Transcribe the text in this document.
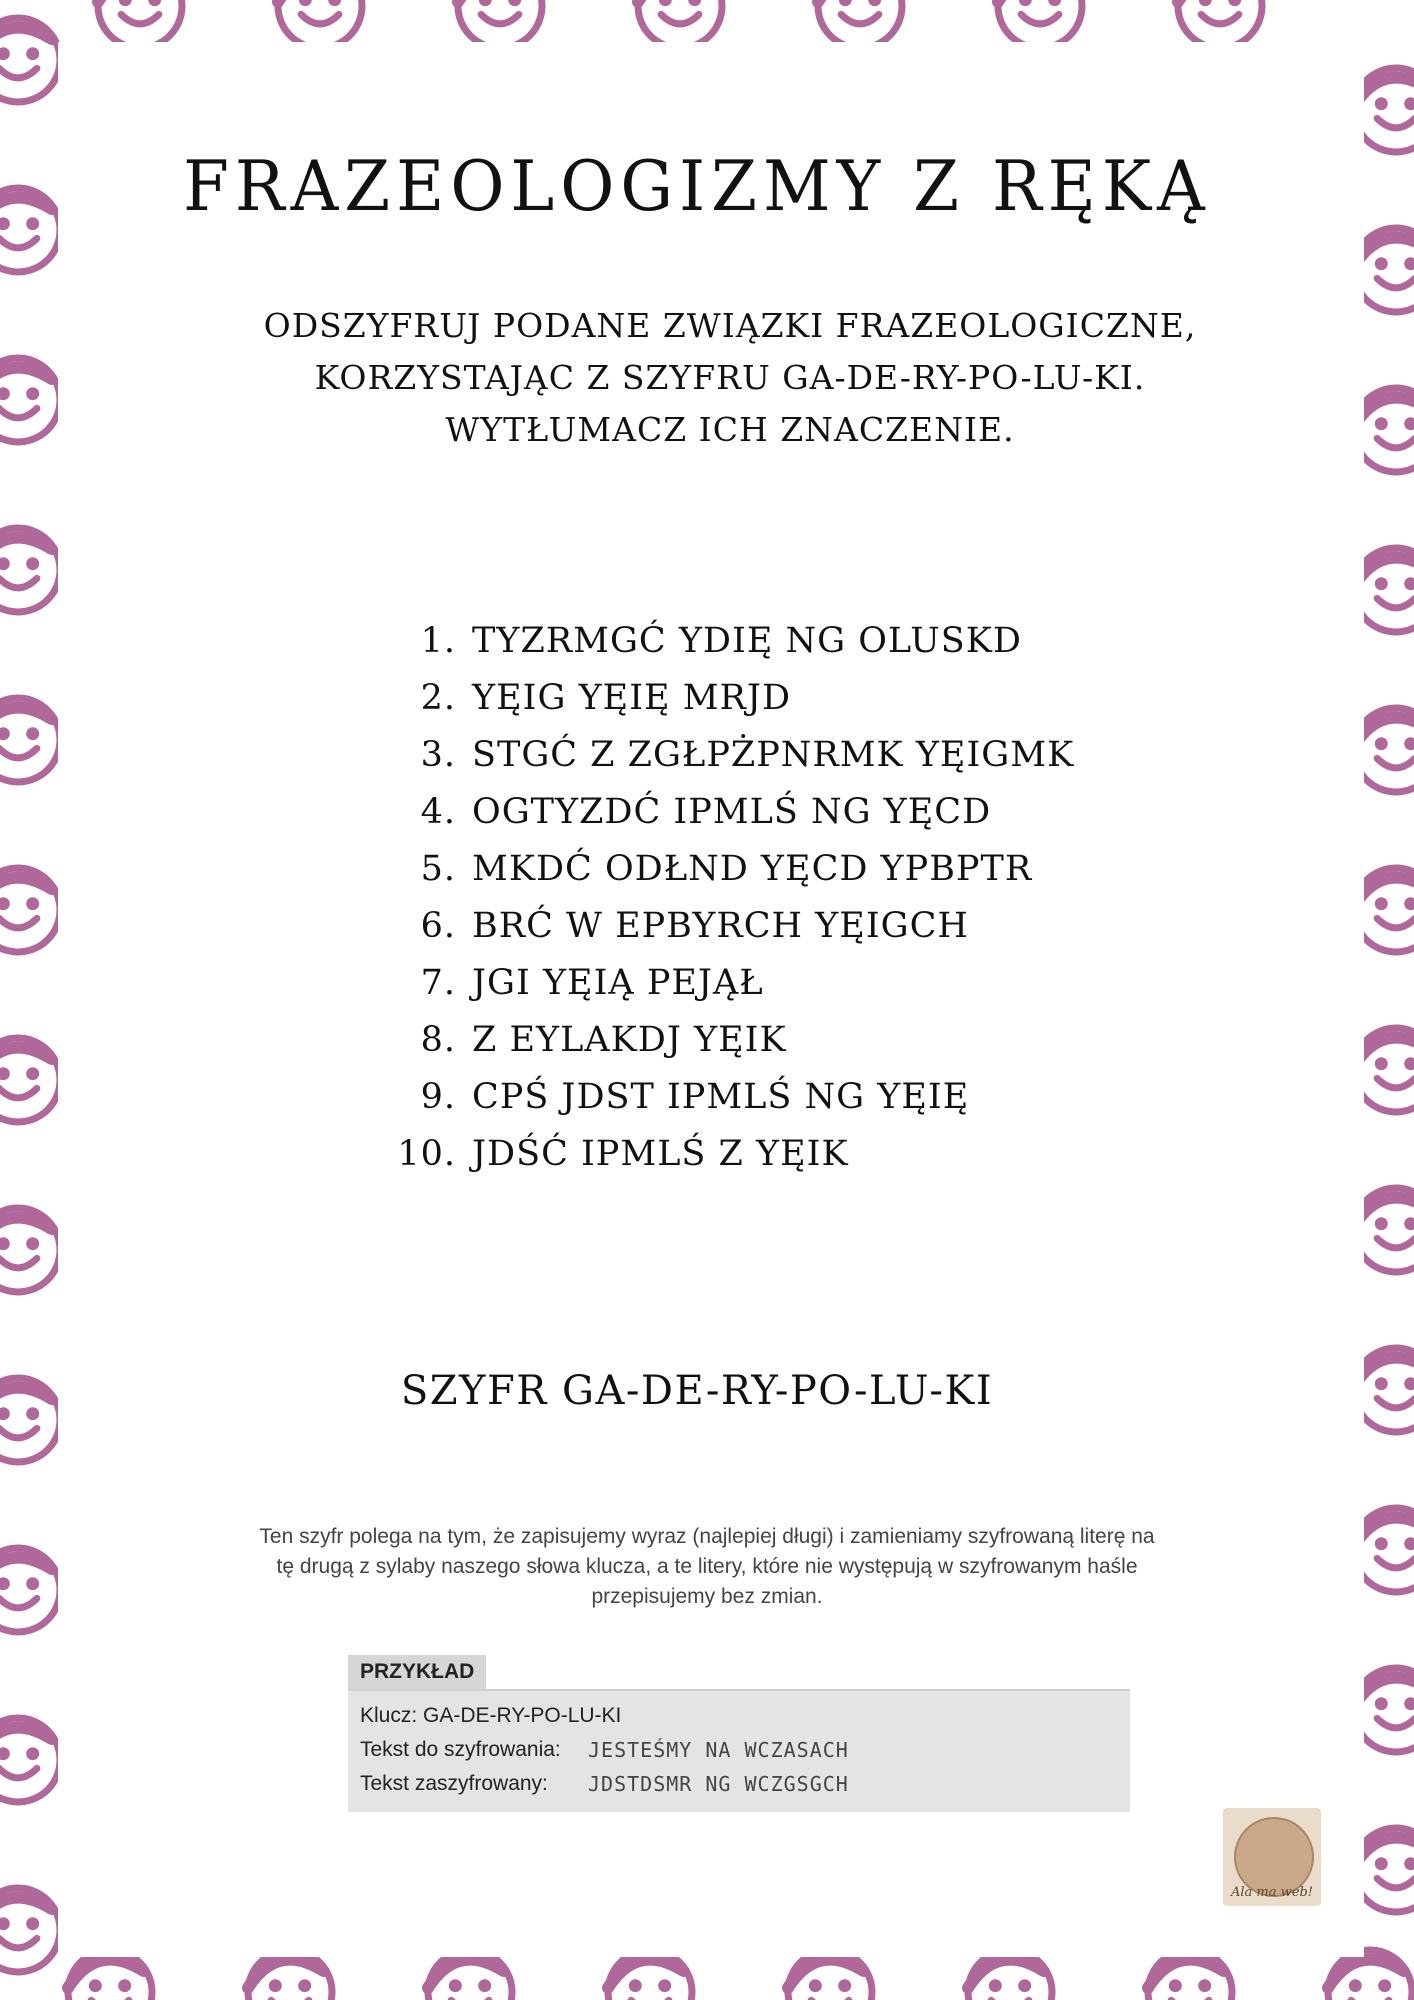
FRAZEOLOGIZMY Z RĘKĄ
ODSZYFRUJ PODANE ZWIĄZKI FRAZEOLOGICZNE,
KORZYSTAJĄC Z SZYFRU GA-DE-RY-PO-LU-KI.
WYTŁUMACZ ICH ZNACZENIE.
1. TYZRMGĆ YDIĘ NG OLUSKD
2. YĘIG YĘIĘ MRJD
3. STGĆ Z ZGŁPŻPNRMK YĘIGMK
4. OGTYZDĆ IPMLŚ NG YĘCD
5. MKDĆ ODŁND YĘCD YPBPTR
6. BRĆ W EPBYRCH YĘIGCH
7. JGI YĘIĄ PEJĄŁ
8. Z EYLAKDJ YĘIK
9. CPŚ JDST IPMLŚ NG YĘIĘ
10. JDŚĆ IPMLŚ Z YĘIK
SZYFR GA-DE-RY-PO-LU-KI
Ten szyfr polega na tym, że zapisujemy wyraz (najlepiej długi) i zamieniamy szyfrowaną literę na
tę drugą z sylaby naszego słowa klucza, a te litery, które nie występują w szyfrowanym haśle
przepisujemy bez zmian.
PRZYKŁAD
Klucz: GA-DE-RY-PO-LU-KI
Tekst do szyfrowania: JESTEŚMY NA WCZASACH
Tekst zaszyfrowany: JDSTDSMR NG WCZGSGCH
Ala ma web!
